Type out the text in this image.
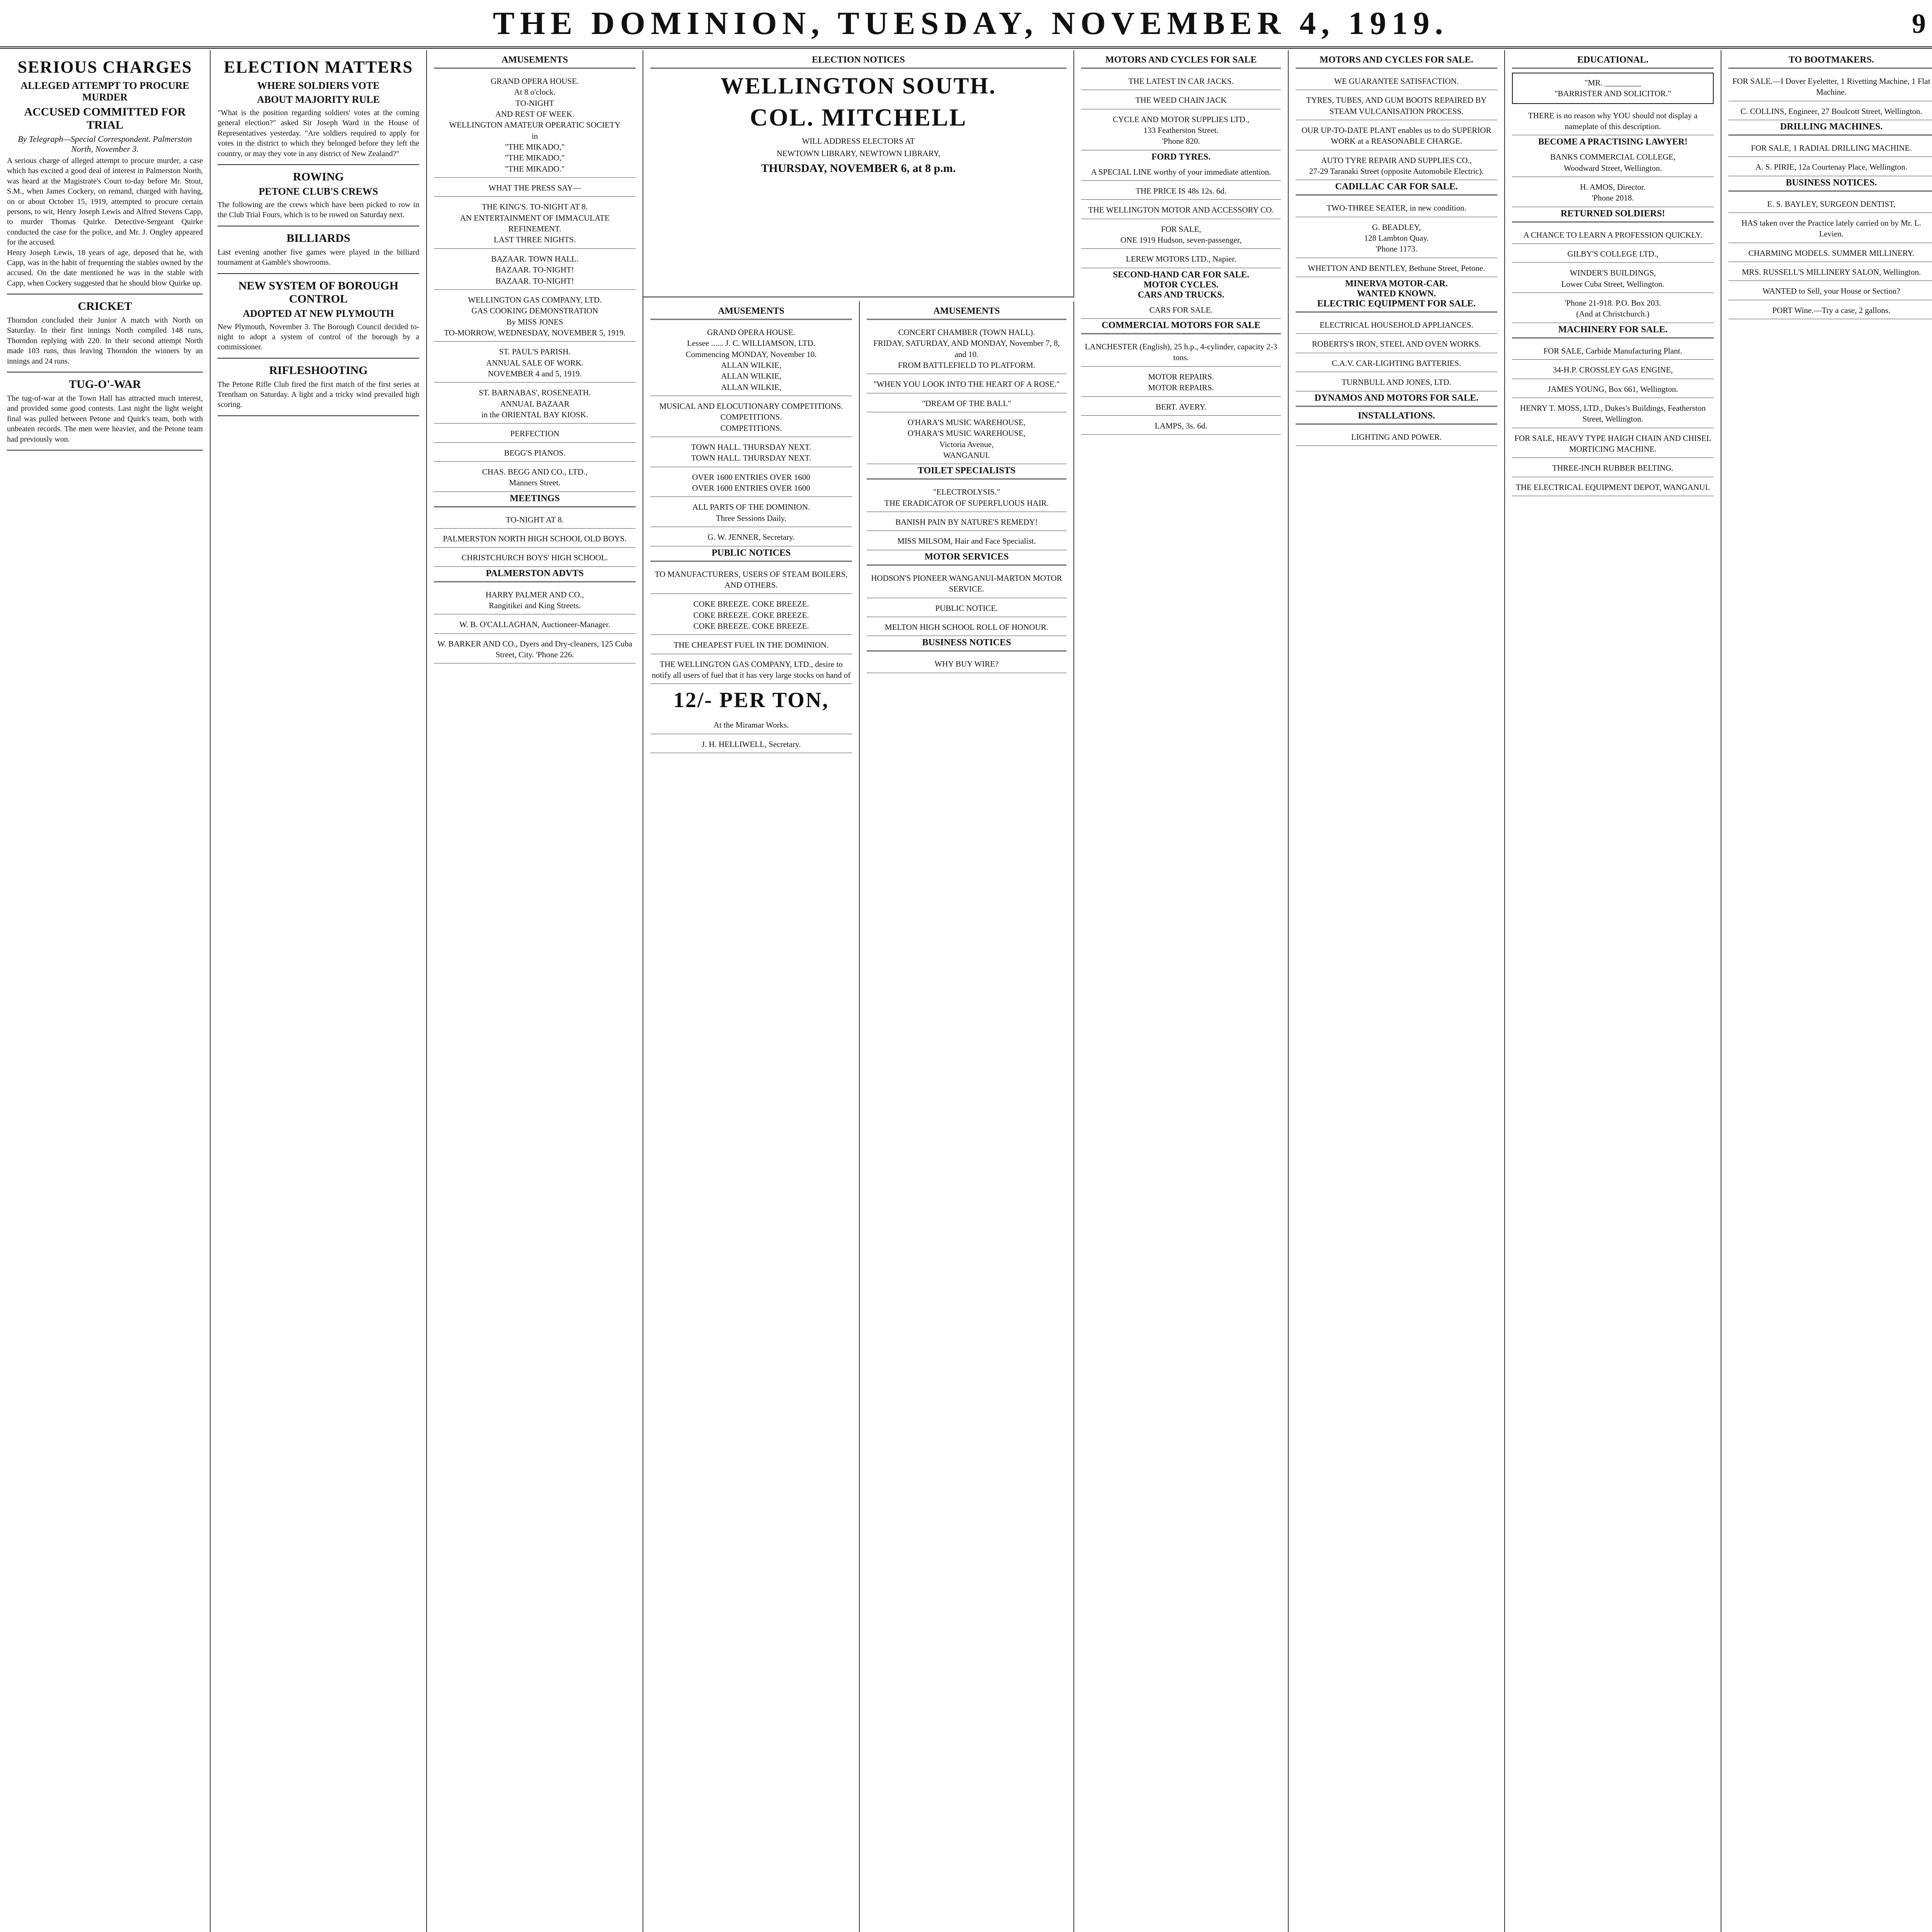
THE DOMINION, TUESDAY, NOVEMBER 4, 1919.	9
SERIOUS CHARGES
ALLEGED ATTEMPT TO PROCURE MURDER
ACCUSED COMMITTED FOR TRIAL
By Telegraph—Special Correspondent. Palmerston North, November 3.
A serious charge of alleged attempt to procure murder, a case which has excited a good deal of interest in Palmerston North, was heard at the Magistrate's Court to-day before Mr. Stout, S.M., when James Cockery, on remand, charged with having, on or about October 15, 1919, attempted to procure certain persons, to wit, Henry Joseph Lewis and Alfred Stevens Capp, to murder Thomas Quirke. Detective-Sergeant Quirke conducted the case for the police, and Mr. J. Ongley appeared for the accused.
Henry Joseph Lewis, 18 years of age, deposed that he, with Capp, was in the habit of frequenting the stables owned by the accused. On the date mentioned he was in the stable with Capp, when Cockery suggested that he should blow Quirke up.
CRICKET
Thorndon concluded their Junior A match with North on Saturday. In their first innings North compiled 148 runs, Thorndon replying with 220. In their second attempt North made 103 runs, thus leaving Thorndon the winners by an innings and 24 runs.
TUG-O'-WAR
The tug-of-war at the Town Hall has attracted much interest, and provided some good contests. Last night the light weight final was pulled between Petone and Quirk's team, both with unbeaten records. The men were heavier, and the Petone team had previously won.
ELECTION MATTERS
WHERE SOLDIERS VOTE
ABOUT MAJORITY RULE
"What is the position regarding soldiers' votes at the coming general election?" asked Sir Joseph Ward in the House of Representatives yesterday. "Are soldiers required to apply for votes in the district to which they belonged before they left the country, or may they vote in any district of New Zealand?"
ROWING
PETONE CLUB'S CREWS
The following are the crews which have been picked to row in the Club Trial Fours, which is to be rowed on Saturday next.
BILLIARDS
Last evening another five games were played in the billiard tournament at Gamble's showrooms.
NEW SYSTEM OF BOROUGH CONTROL
ADOPTED AT NEW PLYMOUTH
New Plymouth, November 3. The Borough Council decided to-night to adopt a system of control of the borough by a commissioner.
RIFLESHOOTING
The Petone Rifle Club fired the first match of the first series at Trentham on Saturday. A light and a tricky wind prevailed high scoring.
AMUSEMENTS
GRAND OPERA HOUSE.
At 8 o'clock.
TO-NIGHT
AND REST OF WEEK.
WELLINGTON AMATEUR OPERATIC SOCIETY
in
"THE MIKADO,"
"THE MIKADO,"
"THE MIKADO."
WHAT THE PRESS SAY—
THE KING'S. TO-NIGHT AT 8.
AN ENTERTAINMENT OF IMMACULATE REFINEMENT.
LAST THREE NIGHTS.
BAZAAR. TOWN HALL.
BAZAAR. TO-NIGHT!
BAZAAR. TO-NIGHT!
WELLINGTON GAS COMPANY, LTD.
GAS COOKING DEMONSTRATION
By MISS JONES
TO-MORROW, WEDNESDAY, NOVEMBER 5, 1919.
ST. PAUL'S PARISH.
ANNUAL SALE OF WORK.
NOVEMBER 4 and 5, 1919.
ST. BARNABAS', ROSENEATH.
ANNUAL BAZAAR
in the ORIENTAL BAY KIOSK.
PERFECTION
BEGG'S PIANOS.
CHAS. BEGG AND CO., LTD.,
Manners Street.
MEETINGS
TO-NIGHT AT 8.
PALMERSTON NORTH HIGH SCHOOL OLD BOYS.
CHRISTCHURCH BOYS' HIGH SCHOOL.
PALMERSTON ADVTS
HARRY PALMER AND CO.,
Rangitikei and King Streets.
W. B. O'CALLAGHAN, Auctioneer-Manager.
W. BARKER AND CO., Dyers and Dry-cleaners, 125 Cuba Street, City. 'Phone 226.
ELECTION NOTICES
WELLINGTON SOUTH.
COL. MITCHELL
WILL ADDRESS ELECTORS AT
NEWTOWN LIBRARY, NEWTOWN LIBRARY,
THURSDAY, NOVEMBER 6, at 8 p.m.
AMUSEMENTS
GRAND OPERA HOUSE.
Lessee ...... J. C. WILLIAMSON, LTD.
Commencing MONDAY, November 10.
ALLAN WILKIE,
ALLAN WILKIE,
ALLAN WILKIE,
MUSICAL AND ELOCUTIONARY COMPETITIONS.
COMPETITIONS.
COMPETITIONS.
TOWN HALL. THURSDAY NEXT.
TOWN HALL. THURSDAY NEXT.
OVER 1600 ENTRIES OVER 1600
OVER 1600 ENTRIES OVER 1600
ALL PARTS OF THE DOMINION.
Three Sessions Daily.
G. W. JENNER, Secretary.
PUBLIC NOTICES
TO MANUFACTURERS, USERS OF STEAM BOILERS, AND OTHERS.
COKE BREEZE. COKE BREEZE.
COKE BREEZE. COKE BREEZE.
COKE BREEZE. COKE BREEZE.
THE CHEAPEST FUEL IN THE DOMINION.
THE WELLINGTON GAS COMPANY, LTD., desire to notify all users of fuel that it has very large stocks on hand of
12/- PER TON,
At the Miramar Works.
J. H. HELLIWELL, Secretary.
AMUSEMENTS
CONCERT CHAMBER (TOWN HALL).
FRIDAY, SATURDAY, AND MONDAY, November 7, 8, and 10.
FROM BATTLEFIELD TO PLATFORM.
"WHEN YOU LOOK INTO THE HEART OF A ROSE."
"DREAM OF THE BALL"
O'HARA'S MUSIC WAREHOUSE,
O'HARA'S MUSIC WAREHOUSE,
Victoria Avenue,
WANGANUI.
TOILET SPECIALISTS
"ELECTROLYSIS."
THE ERADICATOR OF SUPERFLUOUS HAIR.
BANISH PAIN BY NATURE'S REMEDY!
MISS MILSOM, Hair and Face Specialist.
MOTOR SERVICES
HODSON'S PIONEER WANGANUI-MARTON MOTOR SERVICE.
PUBLIC NOTICE.
MELTON HIGH SCHOOL ROLL OF HONOUR.
BUSINESS NOTICES
WHY BUY WIRE?
MOTORS AND CYCLES FOR SALE
THE LATEST IN CAR JACKS.
THE WEED CHAIN JACK
CYCLE AND MOTOR SUPPLIES LTD.,
133 Featherston Street.
'Phone 820.
FORD TYRES.
A SPECIAL LINE worthy of your immediate attention.
THE PRICE IS 48s 12s. 6d.
THE WELLINGTON MOTOR AND ACCESSORY CO.
FOR SALE,
ONE 1919 Hudson, seven-passenger,
LEREW MOTORS LTD., Napier.
SECOND-HAND CAR FOR SALE.
MOTOR CYCLES.
CARS AND TRUCKS.
CARS FOR SALE.
COMMERCIAL MOTORS FOR SALE
LANCHESTER (English), 25 h.p., 4-cylinder, capacity 2-3 tons.
MOTOR REPAIRS.
MOTOR REPAIRS.
BERT. AVERY.
LAMPS, 3s. 6d.
MOTORS AND CYCLES FOR SALE.
WE GUARANTEE SATISFACTION.
TYRES, TUBES, AND GUM BOOTS REPAIRED BY STEAM VULCANISATION PROCESS.
OUR UP-TO-DATE PLANT enables us to do SUPERIOR WORK at a REASONABLE CHARGE.
AUTO TYRE REPAIR AND SUPPLIES CO.,
27-29 Taranaki Street (opposite Automobile Electric).
CADILLAC CAR FOR SALE.
TWO-THREE SEATER, in new condition.
G. BEADLEY,
128 Lambton Quay.
'Phone 1173.
WHETTON AND BENTLEY, Bethune Street, Petone.
MINERVA MOTOR-CAR.
WANTED KNOWN.
ELECTRIC EQUIPMENT FOR SALE.
ELECTRICAL HOUSEHOLD APPLIANCES.
ROBERTS'S IRON, STEEL AND OVEN WORKS.
C.A.V. CAR-LIGHTING BATTERIES.
TURNBULL AND JONES, LTD.
DYNAMOS AND MOTORS FOR SALE.
INSTALLATIONS.
LIGHTING AND POWER.
EDUCATIONAL.
"MR. _________
"BARRISTER AND SOLICITOR."
THERE is no reason why YOU should not display a nameplate of this description.
BECOME A PRACTISING LAWYER!
BANKS COMMERCIAL COLLEGE,
Woodward Street, Wellington.
H. AMOS, Director.
'Phone 2018.
RETURNED SOLDIERS!
A CHANCE TO LEARN A PROFESSION QUICKLY.
GILBY'S COLLEGE LTD.,
WINDER'S BUILDINGS,
Lower Cuba Street, Wellington.
'Phone 21-918. P.O. Box 203.
(And at Christchurch.)
MACHINERY FOR SALE.
FOR SALE, Carbide Manufacturing Plant.
34-H.P. CROSSLEY GAS ENGINE,
JAMES YOUNG, Box 661, Wellington.
HENRY T. MOSS, LTD., Dukes's Buildings, Featherston Street, Wellington.
FOR SALE, HEAVY TYPE HAIGH CHAIN AND CHISEL MORTICING MACHINE.
THREE-INCH RUBBER BELTING.
THE ELECTRICAL EQUIPMENT DEPOT, WANGANUI.
TO BOOTMAKERS.
FOR SALE.—I Dover Eyeletter, 1 Rivetting Machine, 1 Flat Machine.
C. COLLINS, Engineer, 27 Boulcott Street, Wellington.
DRILLING MACHINES.
FOR SALE, 1 RADIAL DRILLING MACHINE.
A. S. PIRIE, 12a Courtenay Place, Wellington.
BUSINESS NOTICES.
E. S. BAYLEY, SURGEON DENTIST,
HAS taken over the Practice lately carried on by Mr. L. Levien.
CHARMING MODELS. SUMMER MILLINERY.
MRS. RUSSELL'S MILLINERY SALON, Wellington.
WANTED to Sell, your House or Section?
PORT Wine.—Try a case, 2 gallons.
